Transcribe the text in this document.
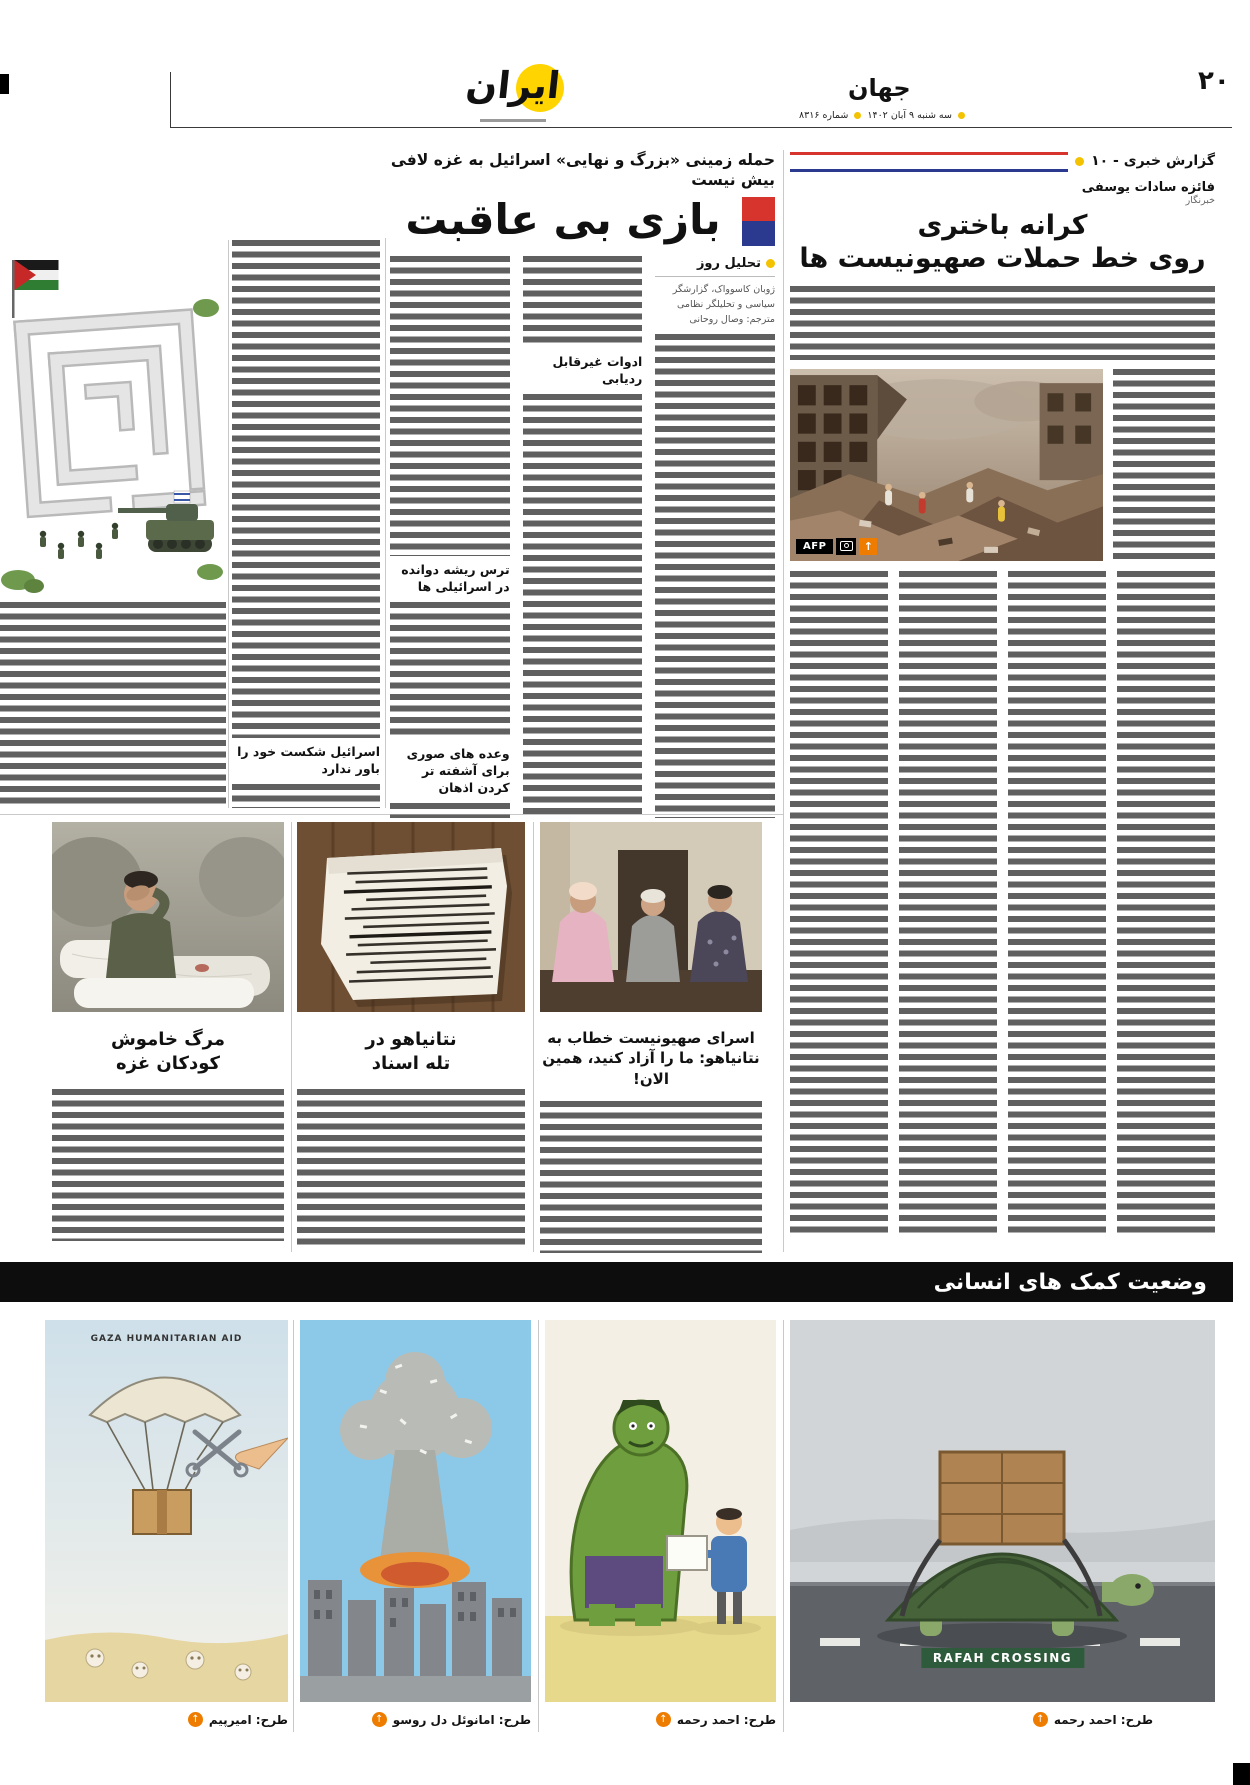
۲۰
جهان
سه شنبه ۹ آبان ۱۴۰۲
شماره ۸۳۱۶
ایران
گزارش خبری - ۱۰
فائزه سادات یوسفی
خبرنگار
کرانه باختری
روی خط حملات صهیونیست ها
AFP	↑
حمله زمینی «بزرگ و نهایی» اسرائیل به غزه لافی بیش نیست
بازی بی عاقبت
تحلیل روز
ژوبان کاسوواک، گزارشگر سیاسی و تحلیلگر نظامی
مترجم: وصال روحانی
ادوات غیرقابل ردیابی
ترس ریشه دوانده در اسرائیلی ها
وعده های صوری برای آشفته تر کردن اذهان
اسرائیل شکست خود را باور ندارد
مرگ خاموش کودکان غزه
نتانیاهو در تله اسناد
اسرای صهیونیست خطاب به نتانیاهو: ما را آزاد کنید، همین الان!
وضعیت کمک های انسانی
GAZA HUMANITARIAN AID
RAFAH CROSSING
طرح: امیرپیم
↑	طرح: امانوئل دل روسو
↑	طرح: احمد رحمه
↑	طرح: احمد رحمه
↑
